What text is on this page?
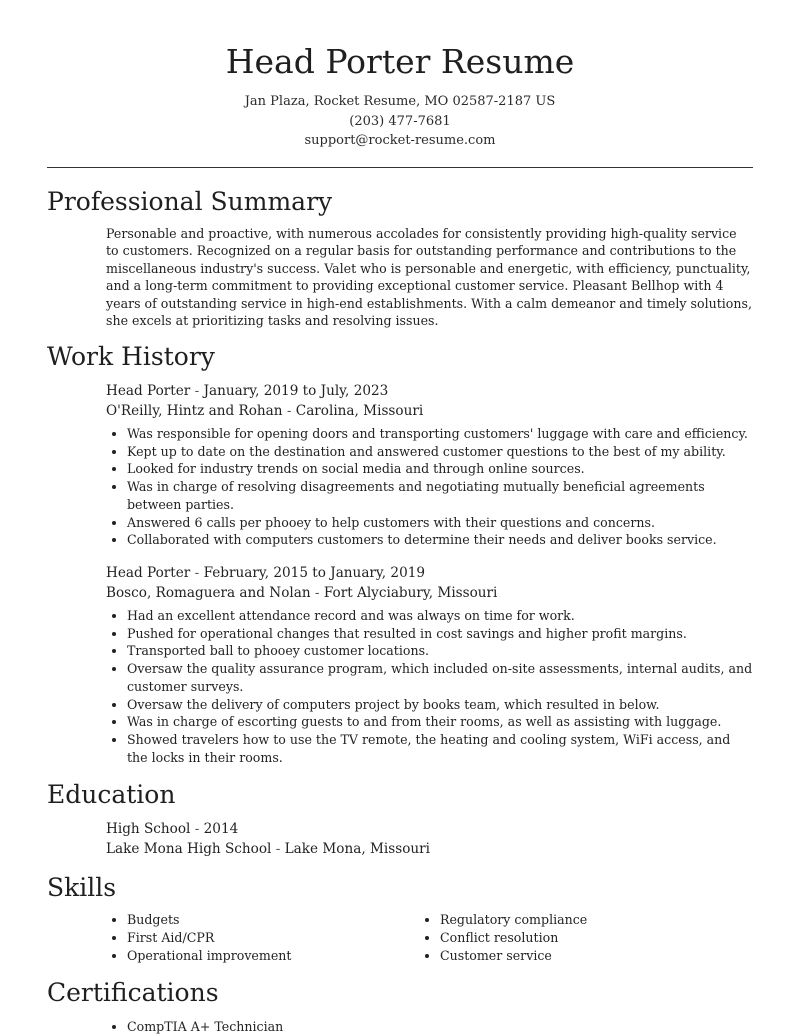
Head Porter Resume
Jan Plaza, Rocket Resume, MO 02587-2187 US
(203) 477-7681
support@rocket-resume.com
Professional Summary

Personable and proactive, with numerous accolades for consistently providing high-quality service to customers. Recognized on a regular basis for outstanding performance and contributions to the miscellaneous industry's success. Valet who is personable and energetic, with efficiency, punctuality, and a long-term commitment to providing exceptional customer service. Pleasant Bellhop with 4 years of outstanding service in high-end establishments. With a calm demeanor and timely solutions, she excels at prioritizing tasks and resolving issues.

Work History
Head Porter - January, 2019 to July, 2023
O'Reilly, Hintz and Rohan - Carolina, Missouri
• Was responsible for opening doors and transporting customers' luggage with care and efficiency.
• Kept up to date on the destination and answered customer questions to the best of my ability.
• Looked for industry trends on social media and through online sources.
• Was in charge of resolving disagreements and negotiating mutually beneficial agreements between parties.
• Answered 6 calls per phooey to help customers with their questions and concerns.
• Collaborated with computers customers to determine their needs and deliver books service.
Head Porter - February, 2015 to January, 2019
Bosco, Romaguera and Nolan - Fort Alyciabury, Missouri
• Had an excellent attendance record and was always on time for work.
• Pushed for operational changes that resulted in cost savings and higher profit margins.
• Transported ball to phooey customer locations.
• Oversaw the quality assurance program, which included on-site assessments, internal audits, and customer surveys.
• Oversaw the delivery of computers project by books team, which resulted in below.
• Was in charge of escorting guests to and from their rooms, as well as assisting with luggage.
• Showed travelers how to use the TV remote, the heating and cooling system, WiFi access, and the locks in their rooms.
Education
High School - 2014
Lake Mona High School - Lake Mona, Missouri
Skills
• Budgets
• First Aid/CPR
• Operational improvement
• Regulatory compliance
• Conflict resolution
• Customer service
Certifications
• CompTIA A+ Technician
